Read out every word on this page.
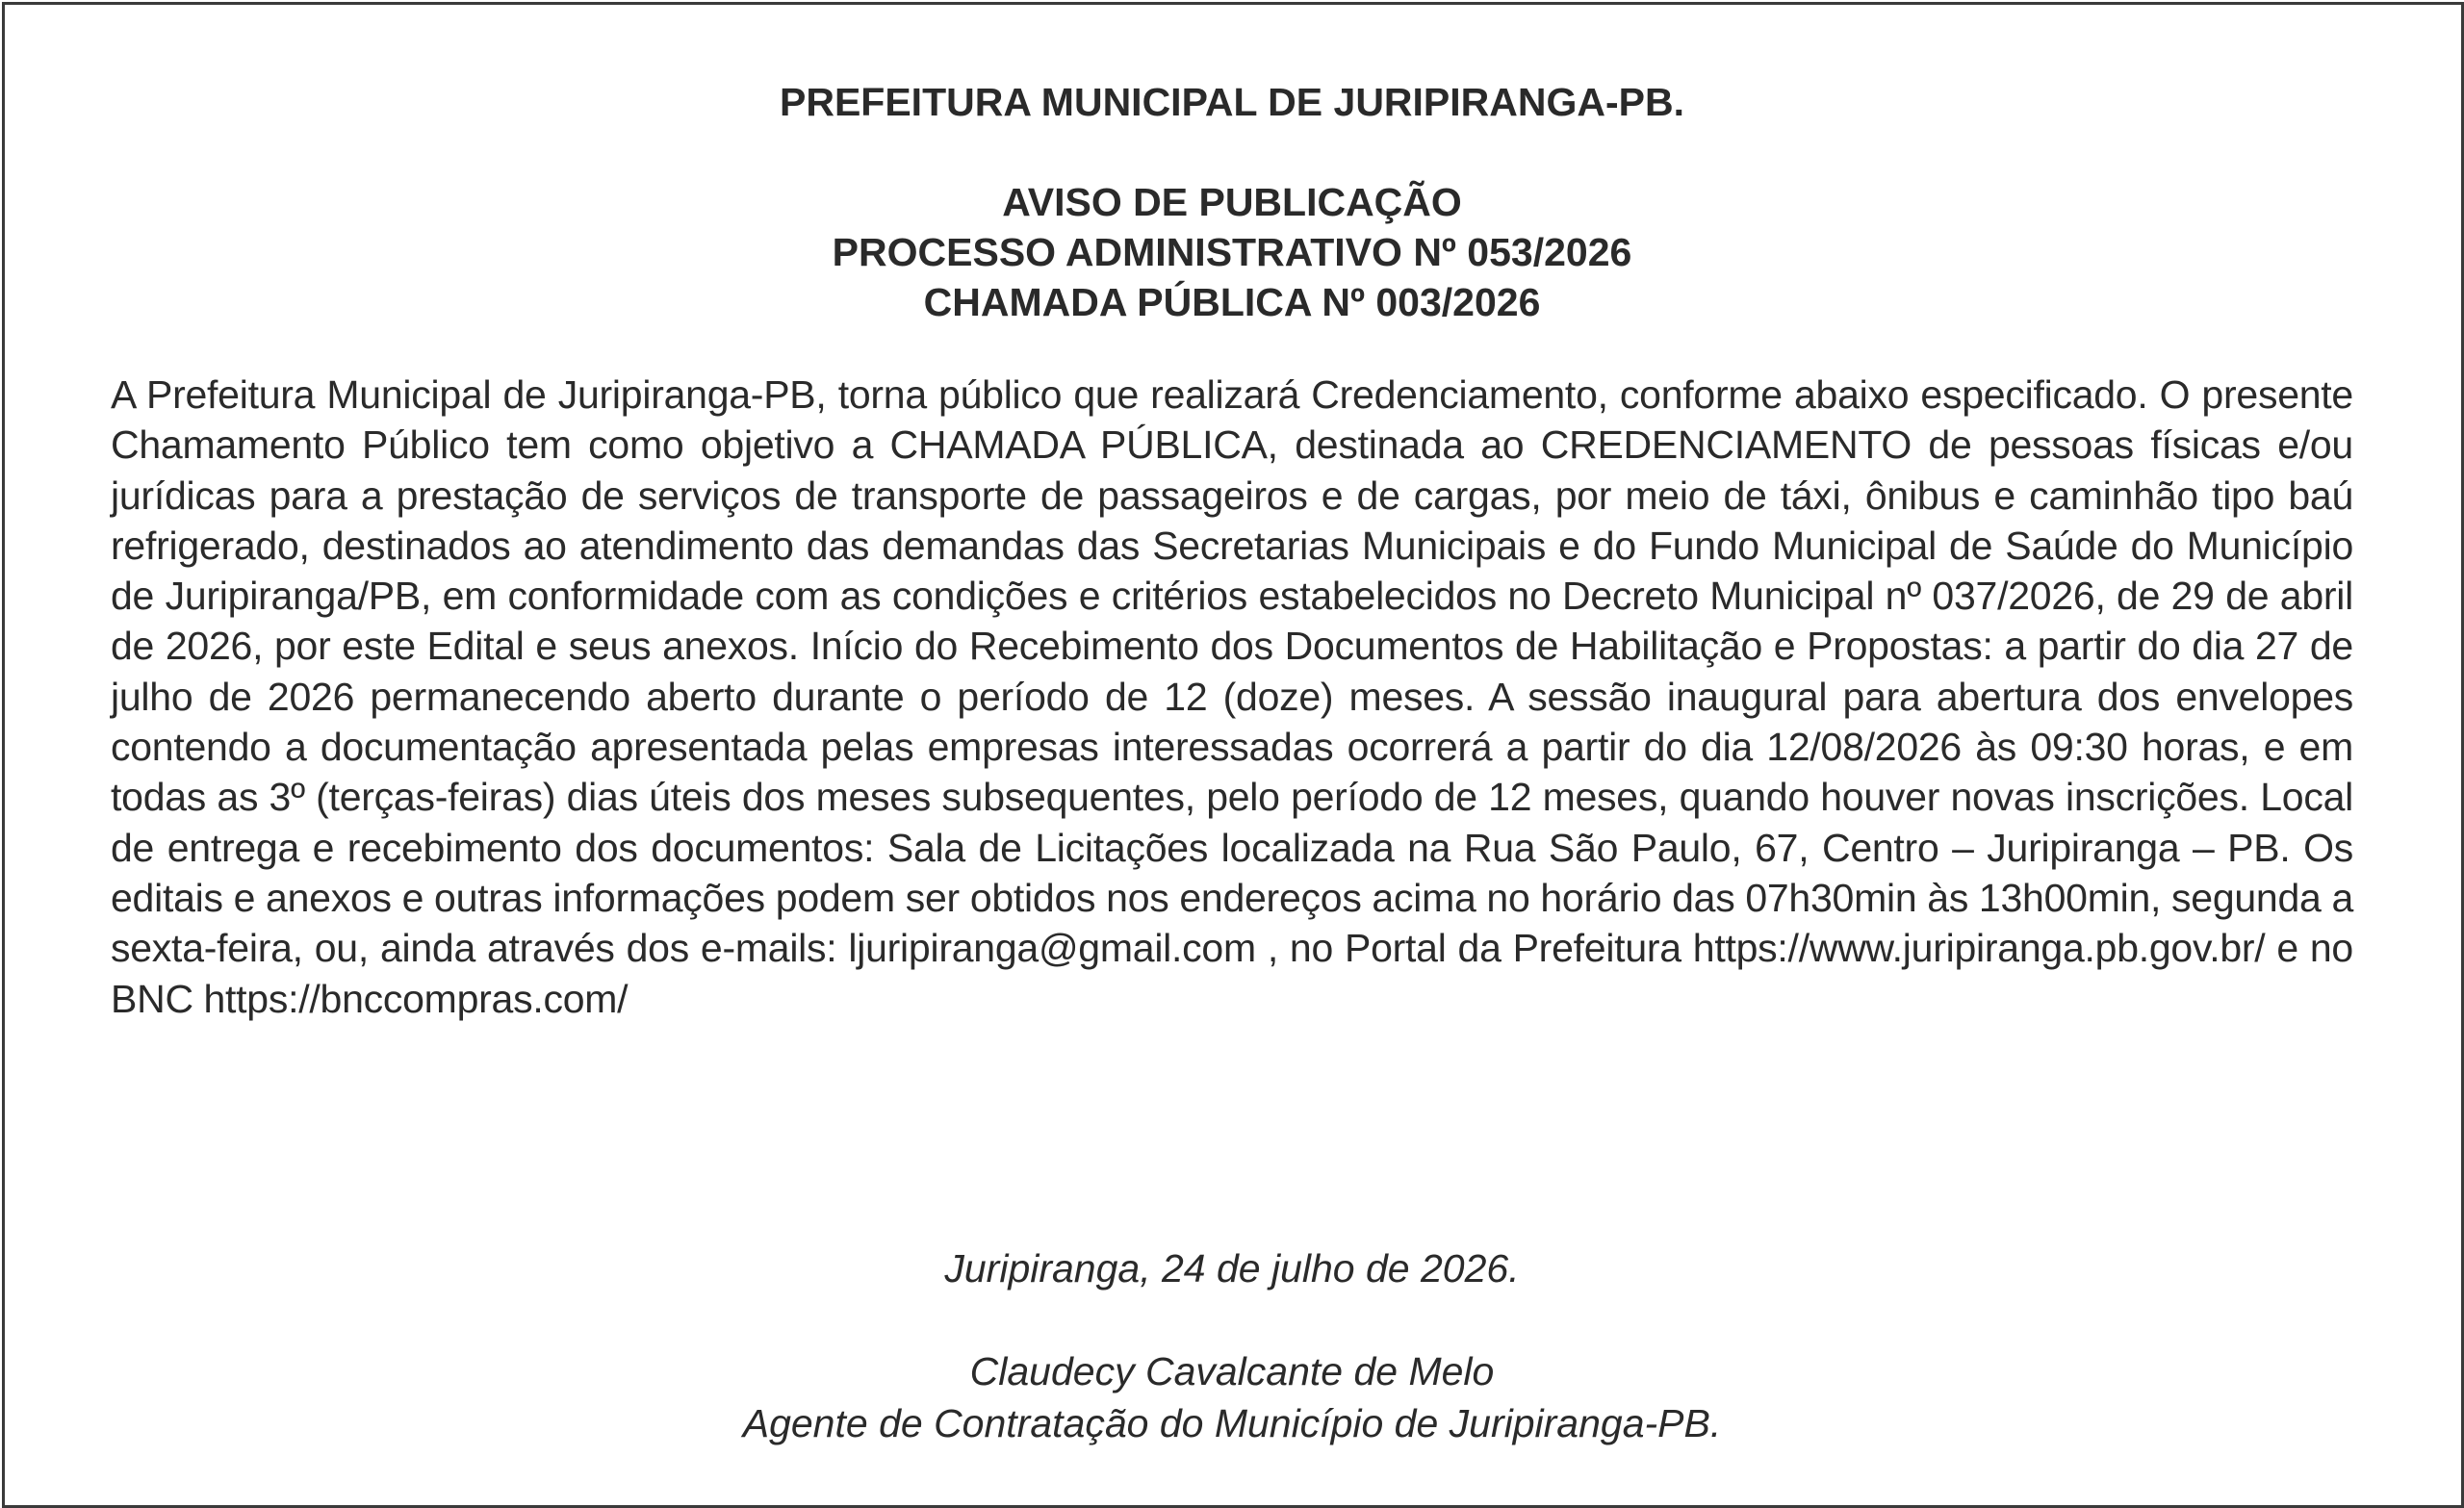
PREFEITURA MUNICIPAL DE JURIPIRANGA-PB.

AVISO DE PUBLICAÇÃO

PROCESSO ADMINISTRATIVO Nº 053/2026

CHAMADA PÚBLICA Nº 003/2026

A Prefeitura Municipal de Juripiranga-PB, torna público que realizará Credenciamento, conforme abaixo especificado. O presente Chamamento Público tem como objetivo a CHAMADA PÚBLICA, destinada ao CREDENCIAMENTO de pessoas físicas e/ou jurídicas para a prestação de serviços de transporte de passageiros e de cargas, por meio de táxi, ônibus e caminhão tipo baú refrigerado, destinados ao atendimento das demandas das Secretarias Municipais e do Fundo Municipal de Saúde do Município de Juripiranga/PB, em conformidade com as condições e critérios estabelecidos no Decreto Municipal nº 037/2026, de 29 de abril de 2026, por este Edital e seus anexos. Início do Recebimento dos Documentos de Habilitação e Propostas: a partir do dia 27 de julho de 2026 permanecendo aberto durante o período de 12 (doze) meses. A sessão inaugural para abertura dos envelopes contendo a documentação apresentada pelas empresas interessadas ocorrerá a partir do dia 12/08/2026 às 09:30 horas, e em todas as 3º (terças-feiras) dias úteis dos meses subsequentes, pelo período de 12 meses, quando houver novas inscrições. Local de entrega e recebimento dos documentos: Sala de Licitações localizada na Rua São Paulo, 67, Centro – Juripiranga – PB. Os editais e anexos e outras informações podem ser obtidos nos endereços acima no horário das 07h30min às 13h00min, segunda a sexta-feira, ou, ainda através dos e-mails: ljuripiranga@gmail.com , no Portal da Prefeitura https://www.juripiranga.pb.gov.br/ e no BNC https://bnccompras.com/

Juripiranga, 24 de julho de 2026.
Claudecy Cavalcante de Melo
Agente de Contratação do Município de Juripiranga-PB.
